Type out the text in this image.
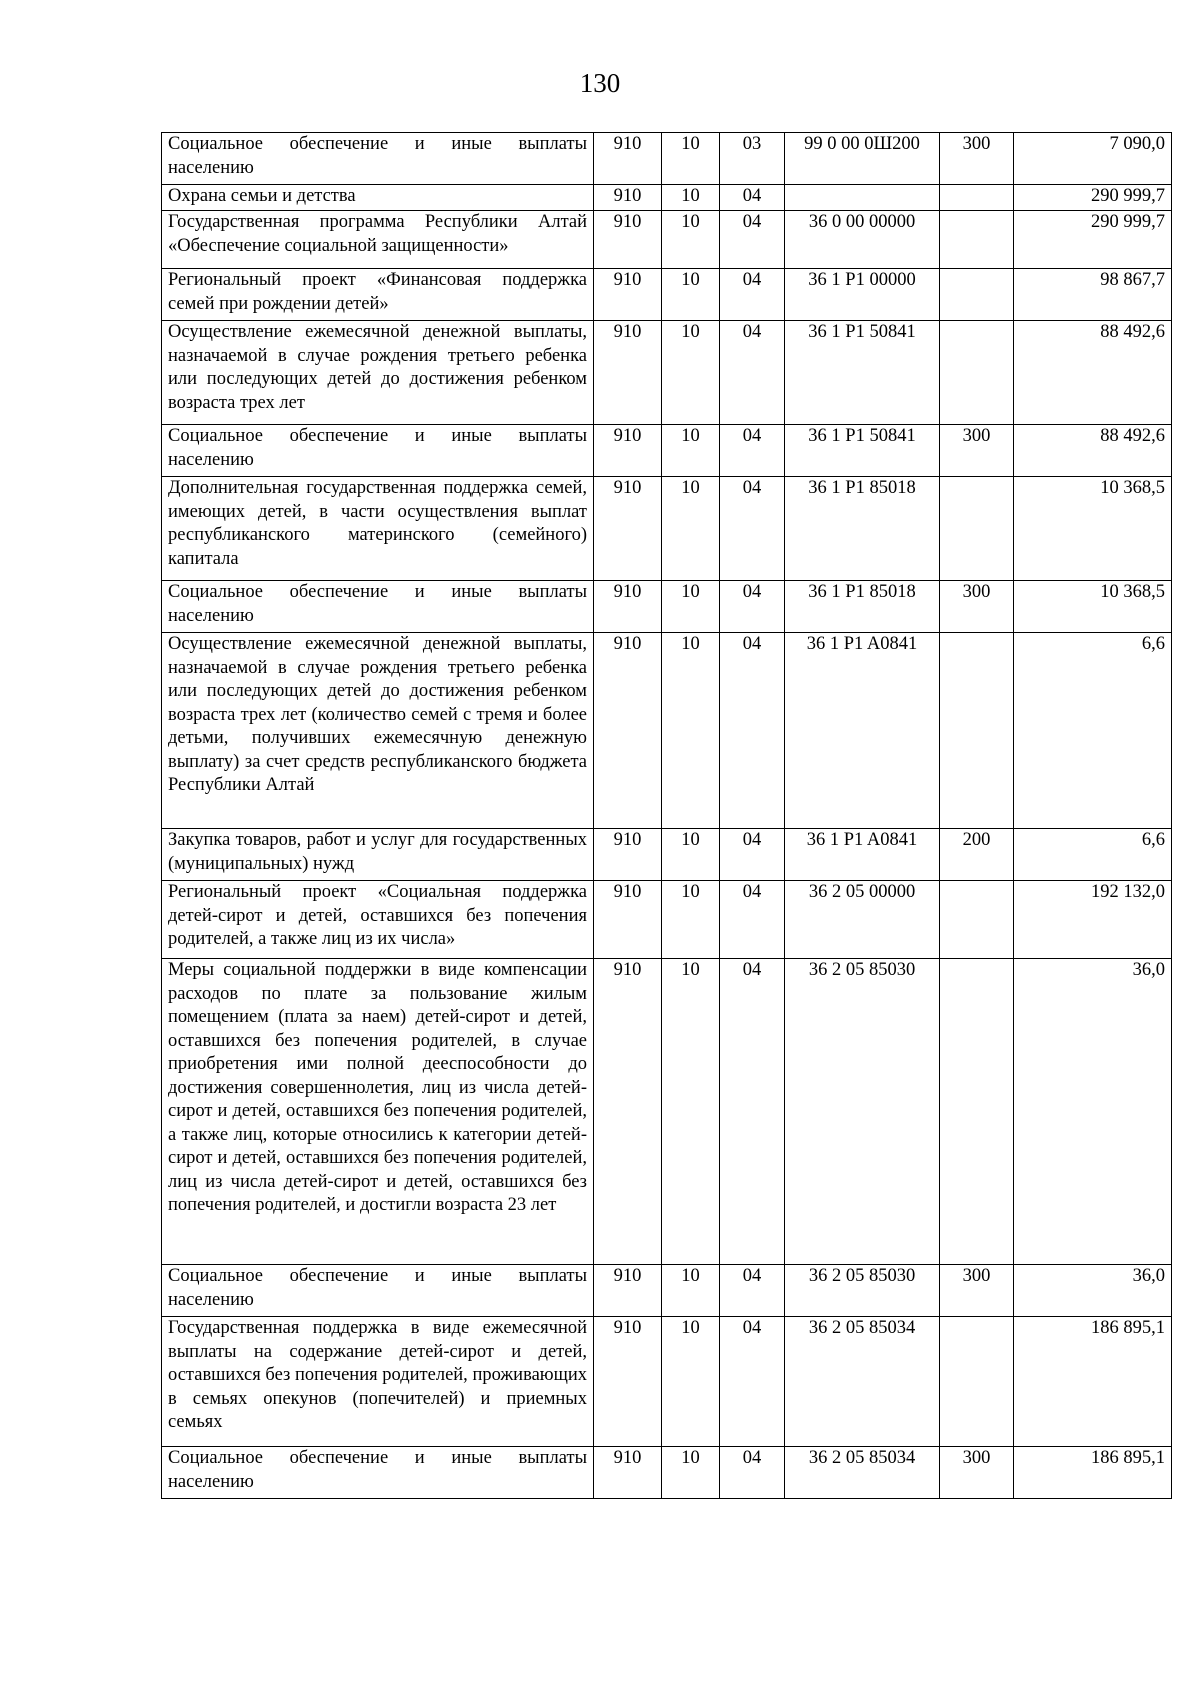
130
Социальное обеспечение и иные выплаты населению	910	10	03	99 0 00 0Ш200	300	7 090,0
Охрана семьи и детства	910	10	04			290 999,7
Государственная программа Республики Алтай «Обеспечение социальной защищенности»	910	10	04	36 0 00 00000		290 999,7
Региональный проект «Финансовая поддержка семей при рождении детей»	910	10	04	36 1 P1 00000		98 867,7
Осуществление ежемесячной денежной выплаты, назначаемой в случае рождения третьего ребенка или последующих детей до достижения ребенком возраста трех лет	910	10	04	36 1 P1 50841		88 492,6
Социальное обеспечение и иные выплаты населению	910	10	04	36 1 P1 50841	300	88 492,6
Дополнительная государственная поддержка семей, имеющих детей, в части осуществления выплат республиканского материнского (семейного) капитала	910	10	04	36 1 P1 85018		10 368,5
Социальное обеспечение и иные выплаты населению	910	10	04	36 1 P1 85018	300	10 368,5
Осуществление ежемесячной денежной выплаты, назначаемой в случае рождения третьего ребенка или последующих детей до достижения ребенком возраста трех лет (количество семей с тремя и более детьми, получивших ежемесячную денежную выплату) за счет средств республиканского бюджета Республики Алтай	910	10	04	36 1 P1 A0841		6,6
Закупка товаров, работ и услуг для государственных (муниципальных) нужд	910	10	04	36 1 P1 A0841	200	6,6
Региональный проект «Социальная поддержка детей-сирот и детей, оставшихся без попечения родителей, а также лиц из их числа»	910	10	04	36 2 05 00000		192 132,0
Меры социальной поддержки в виде компенсации расходов по плате за пользование жилым помещением (плата за наем) детей-сирот и детей, оставшихся без попечения родителей, в случае приобретения ими полной дееспособности до достижения совершеннолетия, лиц из числа детей-сирот и детей, оставшихся без попечения родителей, а также лиц, которые относились к категории детей-сирот и детей, оставшихся без попечения родителей, лиц из числа детей-сирот и детей, оставшихся без попечения родителей, и достигли возраста 23 лет	910	10	04	36 2 05 85030		36,0
Социальное обеспечение и иные выплаты населению	910	10	04	36 2 05 85030	300	36,0
Государственная поддержка в виде ежемесячной выплаты на содержание детей-сирот и детей, оставшихся без попечения родителей, проживающих в семьях опекунов (попечителей) и приемных семьях	910	10	04	36 2 05 85034		186 895,1
Социальное обеспечение и иные выплаты населению	910	10	04	36 2 05 85034	300	186 895,1
